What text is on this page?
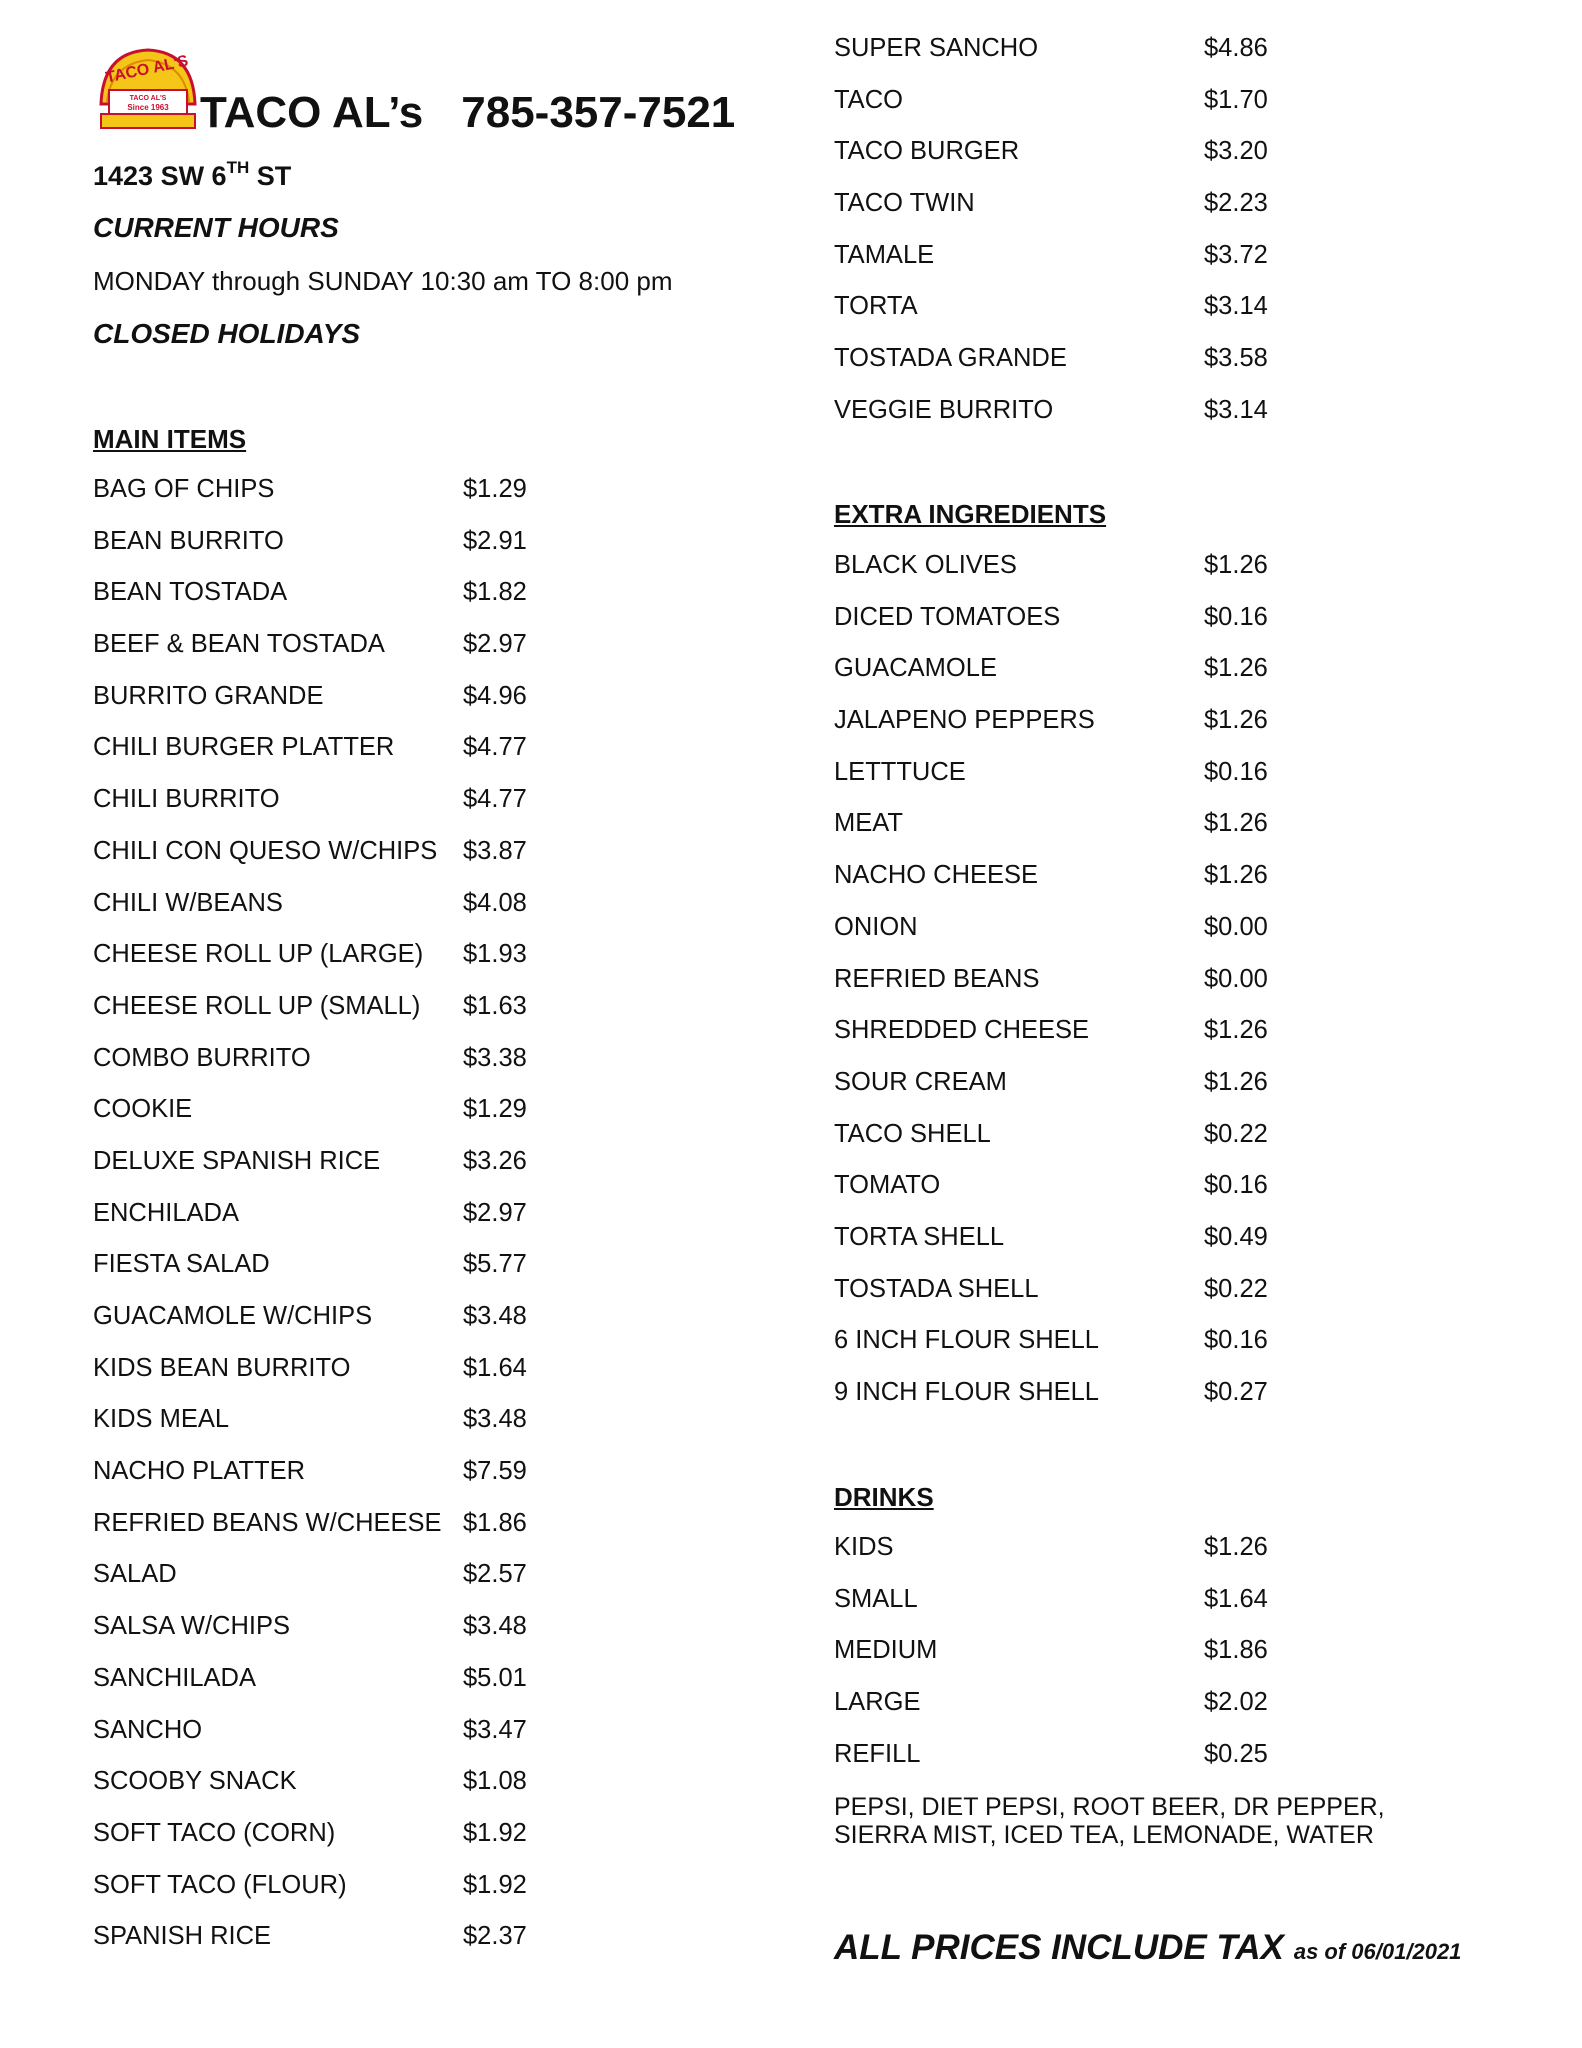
TACO AL'S
Since 1963
TACO AL'S
TACO AL’s 785-357-7521
1423 SW 6TH ST
CURRENT HOURS
MONDAY through SUNDAY 10:30 am TO 8:00 pm
CLOSED HOLIDAYS
MAIN ITEMS
BAG OF CHIPS	$1.29
BEAN BURRITO	$2.91
BEAN TOSTADA	$1.82
BEEF & BEAN TOSTADA	$2.97
BURRITO GRANDE	$4.96
CHILI BURGER PLATTER	$4.77
CHILI BURRITO	$4.77
CHILI CON QUESO W/CHIPS $3.87
CHILI W/BEANS	$4.08
CHEESE ROLL UP (LARGE) $1.93
CHEESE ROLL UP (SMALL) $1.63
COMBO BURRITO	$3.38
COOKIE	$1.29
DELUXE SPANISH RICE	$3.26
ENCHILADA	$2.97
FIESTA SALAD	$5.77
GUACAMOLE W/CHIPS	$3.48
KIDS BEAN BURRITO	$1.64
KIDS MEAL	$3.48
NACHO PLATTER	$7.59
REFRIED BEANS W/CHEESE $1.86
SALAD	$2.57
SALSA W/CHIPS	$3.48
SANCHILADA	$5.01
SANCHO	$3.47
SCOOBY SNACK	$1.08
SOFT TACO (CORN)	$1.92
SOFT TACO (FLOUR)	$1.92
SPANISH RICE	$2.37
SUPER SANCHO	$4.86
TACO	$1.70
TACO BURGER	$3.20
TACO TWIN	$2.23
TAMALE	$3.72
TORTA	$3.14
TOSTADA GRANDE	$3.58
VEGGIE BURRITO	$3.14
EXTRA INGREDIENTS
BLACK OLIVES	$1.26
DICED TOMATOES	$0.16
GUACAMOLE	$1.26
JALAPENO PEPPERS	$1.26
LETTTUCE	$0.16
MEAT	$1.26
NACHO CHEESE	$1.26
ONION	$0.00
REFRIED BEANS	$0.00
SHREDDED CHEESE	$1.26
SOUR CREAM	$1.26
TACO SHELL	$0.22
TOMATO	$0.16
TORTA SHELL	$0.49
TOSTADA SHELL	$0.22
6 INCH FLOUR SHELL	$0.16
9 INCH FLOUR SHELL	$0.27
DRINKS
KIDS	$1.26
SMALL	$1.64
MEDIUM	$1.86
LARGE	$2.02
REFILL	$0.25
PEPSI, DIET PEPSI, ROOT BEER, DR PEPPER, SIERRA MIST, ICED TEA, LEMONADE, WATER
ALL PRICES INCLUDE TAX as of 06/01/2021
